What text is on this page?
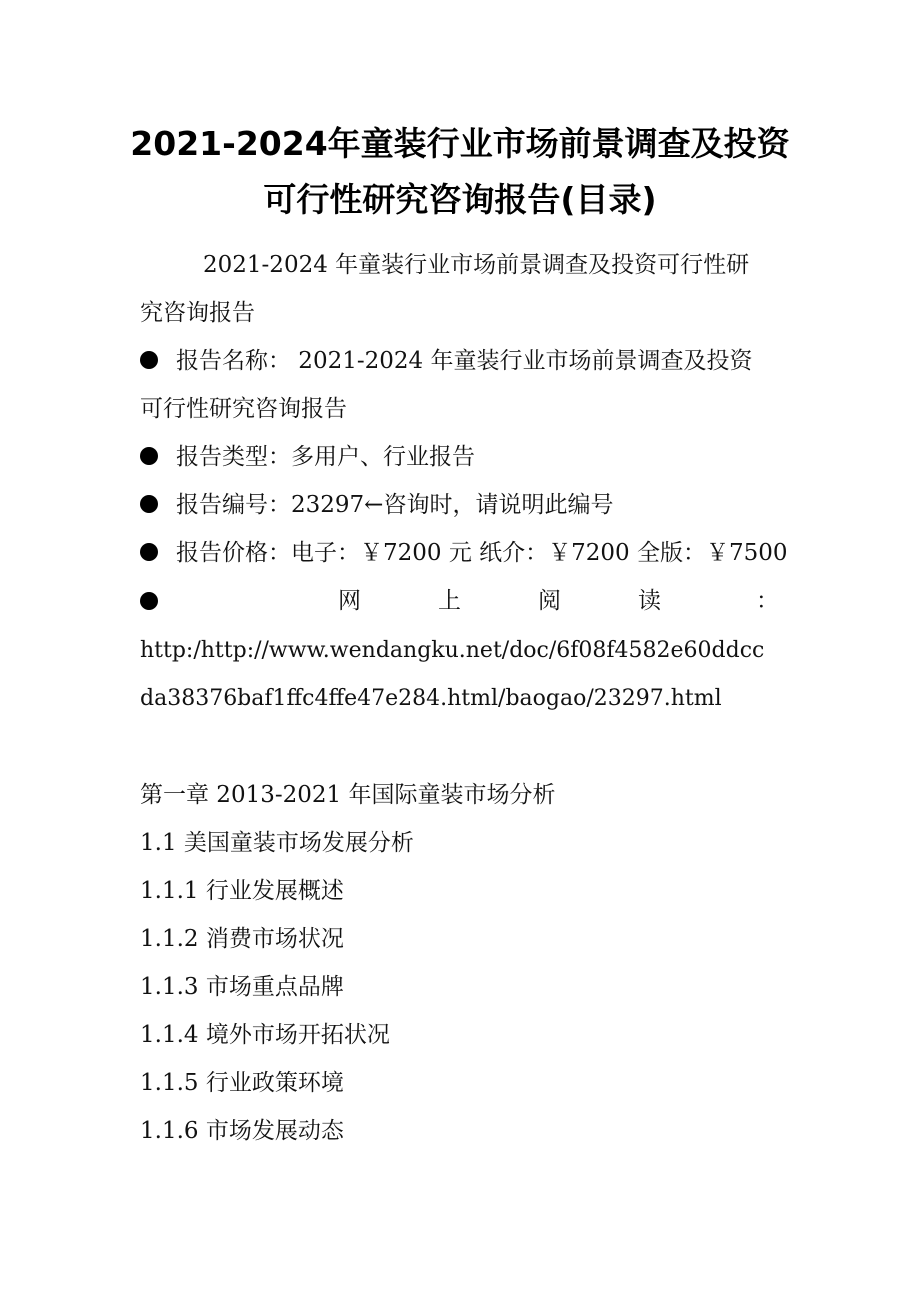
2021-2024年童装行业市场前景调查及投资
可行性研究咨询报告(目录)
2021-2024 年童装行业市场前景调查及投资可行性研
究咨询报告
报告名称： 2021-2024 年童装行业市场前景调查及投资
可行性研究咨询报告
报告类型：多用户、行业报告
报告编号：23297←咨询时，请说明此编号
报告价格：电子：￥7200 元 纸介：￥7200 全版：￥7500
网	上	阅	读	：
http:/http://www.wendangku.net/doc/6f08f4582e60ddcc
da38376baf1ffc4ffe47e284.html/baogao/23297.html
第一章 2013-2021 年国际童装市场分析
1.1 美国童装市场发展分析
1.1.1 行业发展概述
1.1.2 消费市场状况
1.1.3 市场重点品牌
1.1.4 境外市场开拓状况
1.1.5 行业政策环境
1.1.6 市场发展动态
